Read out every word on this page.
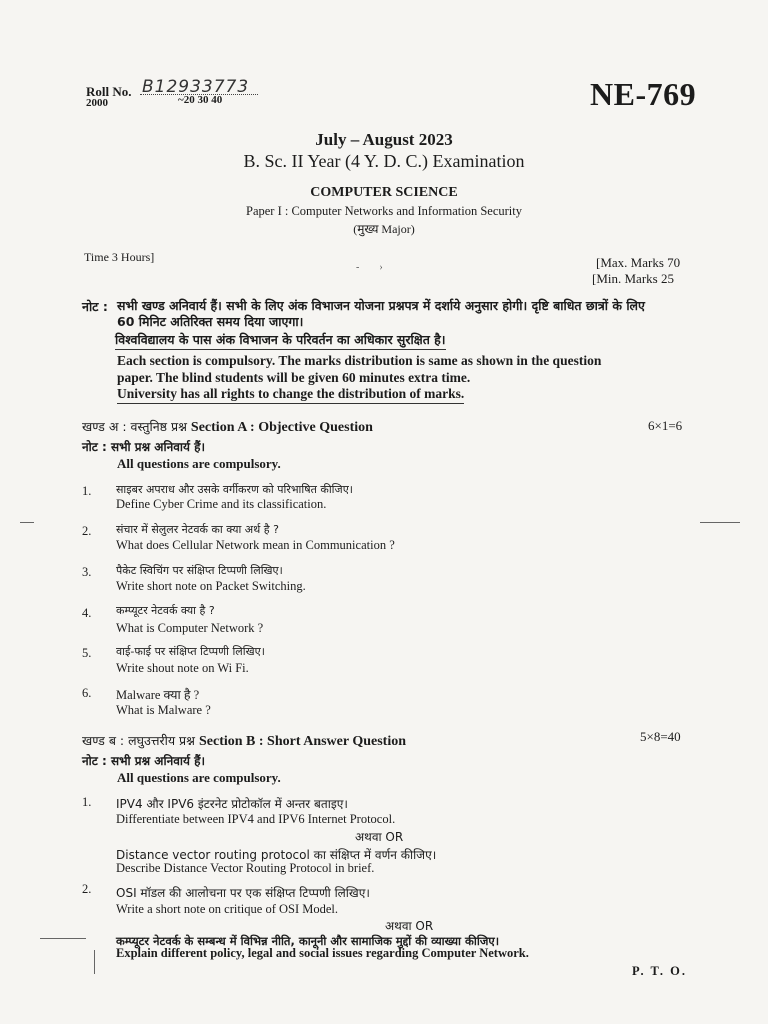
Roll No. B12933773
2000	~20 30 40	NE-769
July – August 2023
B. Sc. II Year (4 Y. D. C.) Examination
COMPUTER SCIENCE
Paper I : Computer Networks and Information Security
(मुख्य Major)
Time 3 Hours]	[Max. Marks 70
[Min. Marks 25
-        ›
नोट : सभी खण्ड अनिवार्य हैं। सभी के लिए अंक विभाजन योजना प्रश्नपत्र में दर्शाये अनुसार होगी। दृष्टि बाधित छात्रों के लिए
60 मिनिट अतिरिक्त समय दिया जाएगा।
विश्वविद्यालय के पास अंक विभाजन के परिवर्तन का अधिकार सुरक्षित है।
Each section is compulsory. The marks distribution is same as shown in the question
paper. The blind students will be given 60 minutes extra time.
University has all rights to change the distribution of marks.
खण्ड अ : वस्तुनिष्ठ प्रश्न Section A : Objective Question	6×1=6
नोट : सभी प्रश्न अनिवार्य हैं।
All questions are compulsory.
1. साइबर अपराध और उसके वर्गीकरण को परिभाषित कीजिए।
Define Cyber Crime and its classification.
2. संचार में सेलुलर नेटवर्क का क्या अर्थ है ?
What does Cellular Network mean in Communication ?
3. पैकेट स्विचिंग पर संक्षिप्त टिप्पणी लिखिए।
Write short note on Packet Switching.
4. कम्प्यूटर नेटवर्क क्या है ?
What is Computer Network ?
5. वाई-फाई पर संक्षिप्त टिप्पणी लिखिए।
Write shout note on Wi Fi.
6. Malware क्या है ?
What is Malware ?
खण्ड ब : लघुउत्तरीय प्रश्न Section B : Short Answer Question	5×8=40
नोट : सभी प्रश्न अनिवार्य हैं।
All questions are compulsory.
1. IPV4 और IPV6 इंटरनेट प्रोटोकॉल में अन्तर बताइए।
Differentiate between IPV4 and IPV6 Internet Protocol.
अथवा OR
Distance vector routing protocol का संक्षिप्त में वर्णन कीजिए।
Describe Distance Vector Routing Protocol in brief.
2. OSI मॉडल की आलोचना पर एक संक्षिप्त टिप्पणी लिखिए।
Write a short note on critique of OSI Model.
अथवा OR
कम्प्यूटर नेटवर्क के सम्बन्ध में विभिन्न नीति, कानूनी और सामाजिक मुद्दों की व्याख्या कीजिए।
Explain different policy, legal and social issues regarding Computer Network.
P. T. O.
